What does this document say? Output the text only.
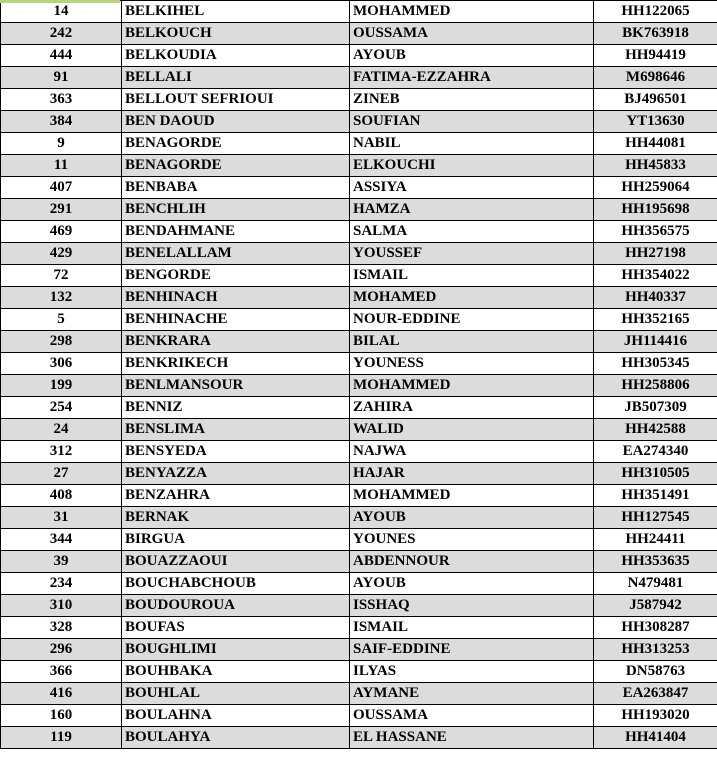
14	BELKIHEL	MOHAMMED	HH122065
242	BELKOUCH	OUSSAMA	BK763918
444	BELKOUDIA	AYOUB	HH94419
91	BELLALI	FATIMA-EZZAHRA	M698646
363	BELLOUT SEFRIOUI	ZINEB	BJ496501
384	BEN DAOUD	SOUFIAN	YT13630
9	BENAGORDE	NABIL	HH44081
11	BENAGORDE	ELKOUCHI	HH45833
407	BENBABA	ASSIYA	HH259064
291	BENCHLIH	HAMZA	HH195698
469	BENDAHMANE	SALMA	HH356575
429	BENELALLAM	YOUSSEF	HH27198
72	BENGORDE	ISMAIL	HH354022
132	BENHINACH	MOHAMED	HH40337
5	BENHINACHE	NOUR-EDDINE	HH352165
298	BENKRARA	BILAL	JH114416
306	BENKRIKECH	YOUNESS	HH305345
199	BENLMANSOUR	MOHAMMED	HH258806
254	BENNIZ	ZAHIRA	JB507309
24	BENSLIMA	WALID	HH42588
312	BENSYEDA	NAJWA	EA274340
27	BENYAZZA	HAJAR	HH310505
408	BENZAHRA	MOHAMMED	HH351491
31	BERNAK	AYOUB	HH127545
344	BIRGUA	YOUNES	HH24411
39	BOUAZZAOUI	ABDENNOUR	HH353635
234	BOUCHABCHOUB	AYOUB	N479481
310	BOUDOUROUA	ISSHAQ	J587942
328	BOUFAS	ISMAIL	HH308287
296	BOUGHLIMI	SAIF-EDDINE	HH313253
366	BOUHBAKA	ILYAS	DN58763
416	BOUHLAL	AYMANE	EA263847
160	BOULAHNA	OUSSAMA	HH193020
119	BOULAHYA	EL HASSANE	HH41404
